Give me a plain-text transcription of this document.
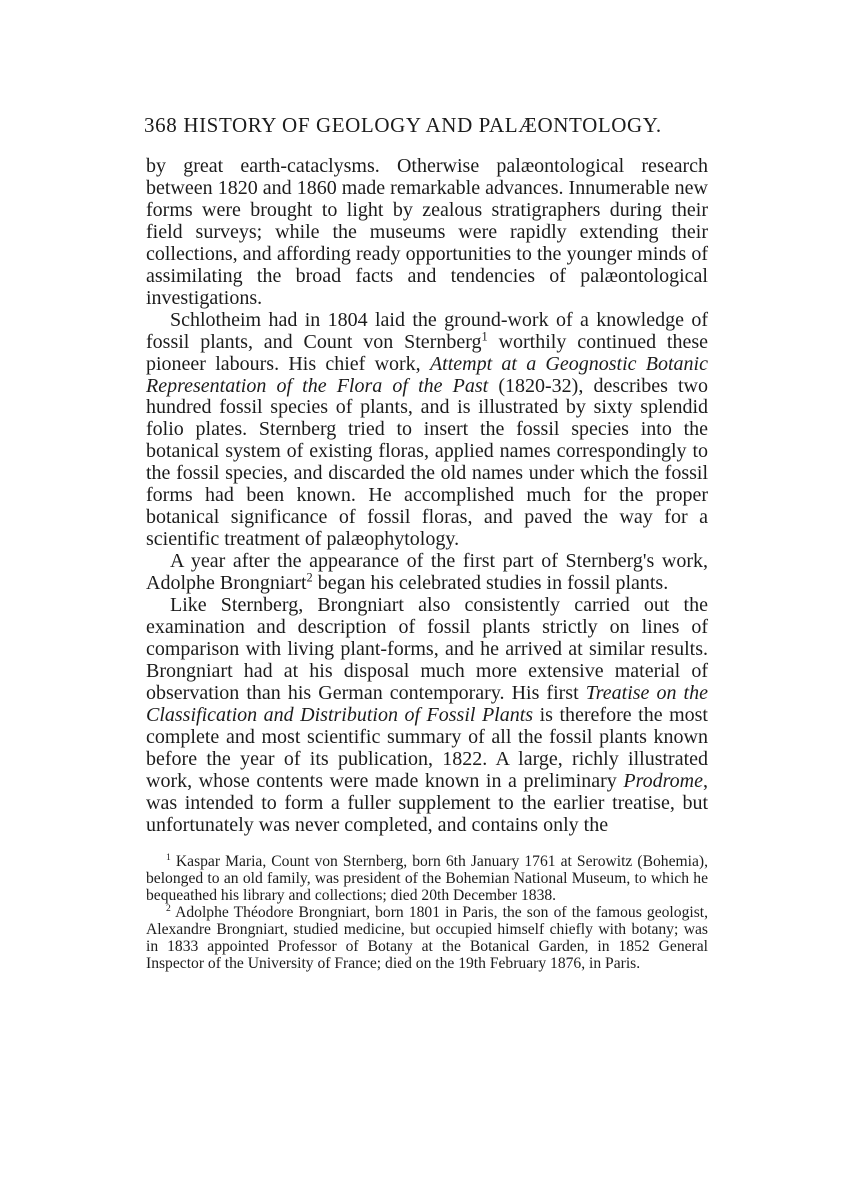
368 HISTORY OF GEOLOGY AND PALÆONTOLOGY.

by great earth-cataclysms. Otherwise palæontological research between 1820 and 1860 made remarkable advances. Innumerable new forms were brought to light by zealous stratigraphers during their field surveys; while the museums were rapidly extending their collections, and affording ready opportunities to the younger minds of assimilating the broad facts and tendencies of palæontological investigations.

Schlotheim had in 1804 laid the ground-work of a knowledge of fossil plants, and Count von Sternberg$^1$ worthily continued these pioneer labours. His chief work, Attempt at a Geognostic Botanic Representation of the Flora of the Past (1820-32), describes two hundred fossil species of plants, and is illustrated by sixty splendid folio plates. Sternberg tried to insert the fossil species into the botanical system of existing floras, applied names correspondingly to the fossil species, and discarded the old names under which the fossil forms had been known. He accomplished much for the proper botanical significance of fossil floras, and paved the way for a scientific treatment of palæophytology.

A year after the appearance of the first part of Sternberg's work, Adolphe Brongniart$^2$ began his celebrated studies in fossil plants.

Like Sternberg, Brongniart also consistently carried out the examination and description of fossil plants strictly on lines of comparison with living plant-forms, and he arrived at similar results. Brongniart had at his disposal much more extensive material of observation than his German contemporary. His first Treatise on the Classification and Distribution of Fossil Plants is therefore the most complete and most scientific summary of all the fossil plants known before the year of its publication, 1822. A large, richly illustrated work, whose contents were made known in a preliminary Prodrome, was intended to form a fuller supplement to the earlier treatise, but unfortunately was never completed, and contains only the

$^1$ Kaspar Maria, Count von Sternberg, born 6th January 1761 at Serowitz (Bohemia), belonged to an old family, was president of the Bohemian National Museum, to which he bequeathed his library and collections; died 20th December 1838.

$^2$ Adolphe Théodore Brongniart, born 1801 in Paris, the son of the famous geologist, Alexandre Brongniart, studied medicine, but occupied himself chiefly with botany; was in 1833 appointed Professor of Botany at the Botanical Garden, in 1852 General Inspector of the University of France; died on the 19th February 1876, in Paris.
